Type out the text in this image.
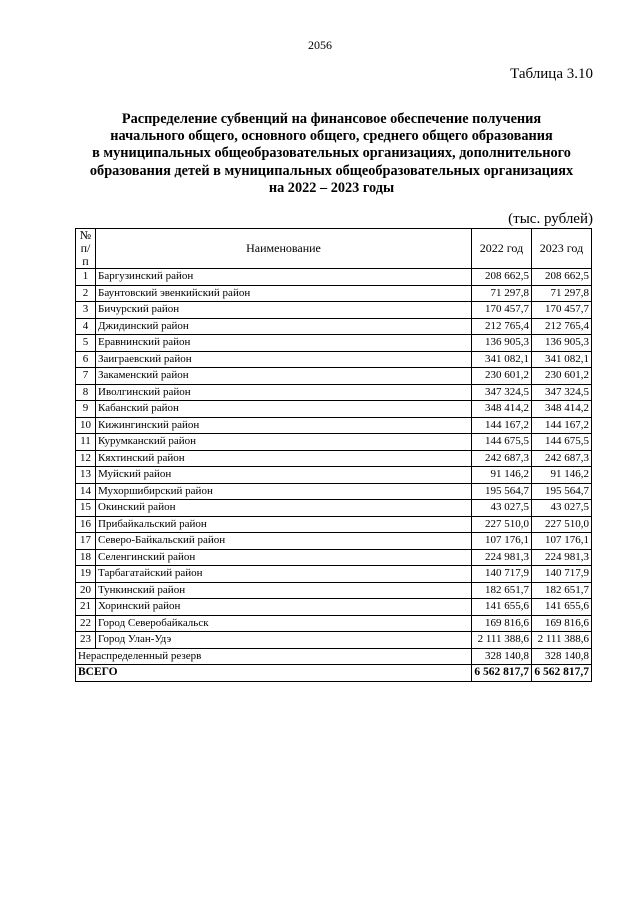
2056
Таблица 3.10
Распределение субвенций на финансовое обеспечение получения
начального общего, основного общего, среднего общего образования
в муниципальных общеобразовательных организациях, дополнительного
образования детей в муниципальных общеобразовательных организациях
на 2022 – 2023 годы
(тыс. рублей)
№ п/п	Наименование	2022 год	2023 год
1	Баргузинский район	208 662,5	208 662,5
2	Баунтовский эвенкийский район	71 297,8	71 297,8
3	Бичурский район	170 457,7	170 457,7
4	Джидинский район	212 765,4	212 765,4
5	Еравнинский район	136 905,3	136 905,3
6	Заиграевский район	341 082,1	341 082,1
7	Закаменский район	230 601,2	230 601,2
8	Иволгинский район	347 324,5	347 324,5
9	Кабанский район	348 414,2	348 414,2
10	Кижингинский район	144 167,2	144 167,2
11	Курумканский район	144 675,5	144 675,5
12	Кяхтинский район	242 687,3	242 687,3
13	Муйский район	91 146,2	91 146,2
14	Мухоршибирский район	195 564,7	195 564,7
15	Окинский район	43 027,5	43 027,5
16	Прибайкальский район	227 510,0	227 510,0
17	Северо-Байкальский район	107 176,1	107 176,1
18	Селенгинский район	224 981,3	224 981,3
19	Тарбагатайский район	140 717,9	140 717,9
20	Тункинский район	182 651,7	182 651,7
21	Хоринский район	141 655,6	141 655,6
22	Город Северобайкальск	169 816,6	169 816,6
23	Город Улан-Удэ	2 111 388,6	2 111 388,6
Нераспределенный резерв		328 140,8	328 140,8
ВСЕГО		6 562 817,7	6 562 817,7
